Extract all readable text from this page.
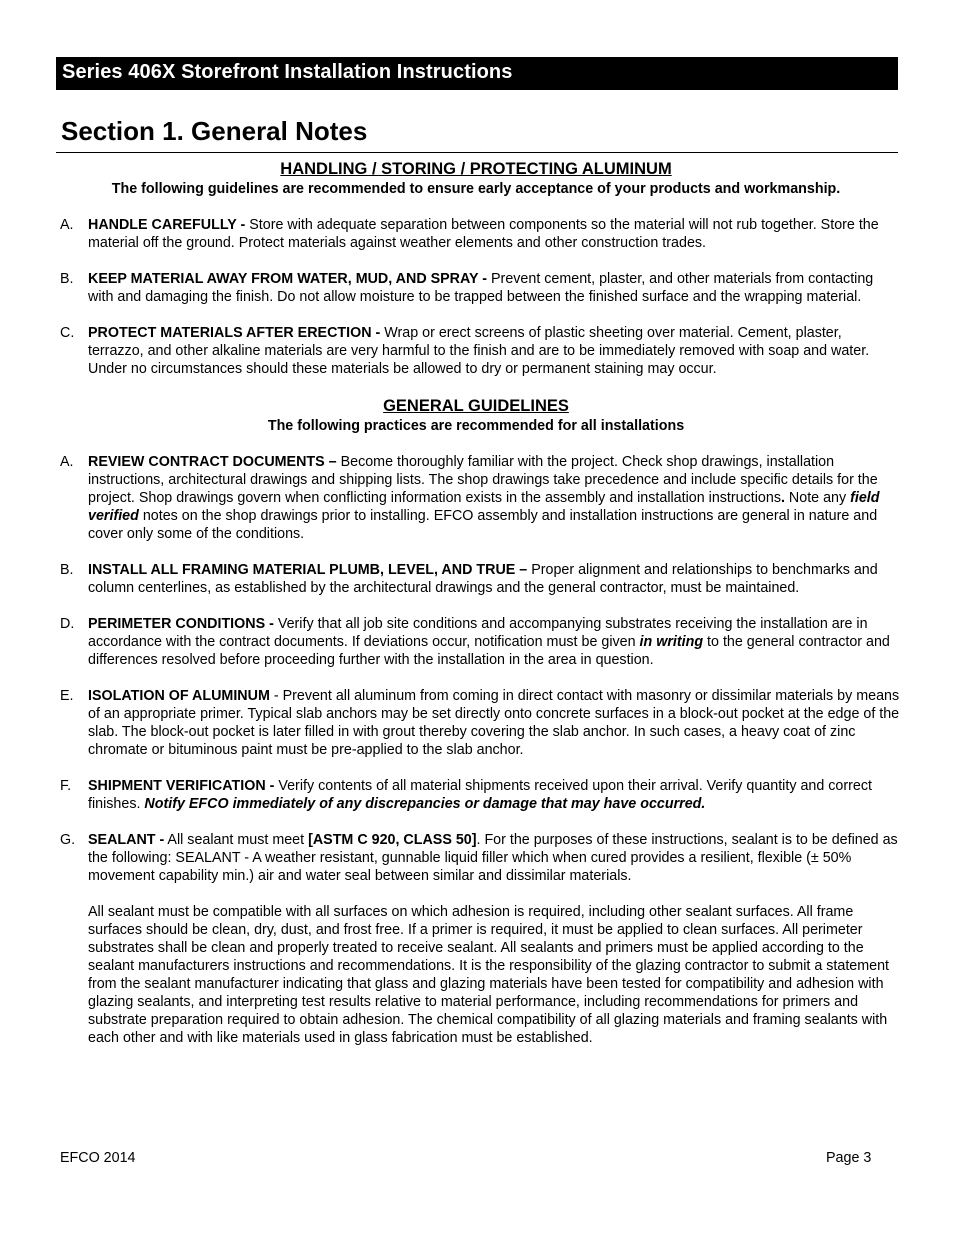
Series 406X Storefront Installation Instructions
Section 1. General Notes
HANDLING / STORING / PROTECTING ALUMINUM
The following guidelines are recommended to ensure early acceptance of your products and workmanship.
A.	HANDLE CAREFULLY - Store with adequate separation between components so the material will not rub together. Store the material off the ground. Protect materials against weather elements and other construction trades.

B.	KEEP MATERIAL AWAY FROM WATER, MUD, AND SPRAY - Prevent cement, plaster, and other materials from contacting with and damaging the finish. Do not allow moisture to be trapped between the finished surface and the wrapping material.

C. PROTECT MATERIALS AFTER ERECTION - Wrap or erect screens of plastic sheeting over material. Cement, plaster, terrazzo, and other alkaline materials are very harmful to the finish and are to be immediately removed with soap and water. Under no circumstances should these materials be allowed to dry or permanent staining may occur.

GENERAL GUIDELINES
The following practices are recommended for all installations
A.	REVIEW CONTRACT DOCUMENTS – Become thoroughly familiar with the project. Check shop drawings, installation instructions, architectural drawings and shipping lists. The shop drawings take precedence and include specific details for the project. Shop drawings govern when conflicting information exists in the assembly and installation instructions. Note any field verified notes on the shop drawings prior to installing. EFCO assembly and installation instructions are general in nature and cover only some of the conditions.

B.	INSTALL ALL FRAMING MATERIAL PLUMB, LEVEL, AND TRUE – Proper alignment and relationships to benchmarks and column centerlines, as established by the architectural drawings and the general contractor, must be maintained.

D. PERIMETER CONDITIONS - Verify that all job site conditions and accompanying substrates receiving the installation are in accordance with the contract documents. If deviations occur, notification must be given in writing to the general contractor and differences resolved before proceeding further with the installation in the area in question.

E.	ISOLATION OF ALUMINUM - Prevent all aluminum from coming in direct contact with masonry or dissimilar materials by means of an appropriate primer. Typical slab anchors may be set directly onto concrete surfaces in a block-out pocket at the edge of the slab. The block-out pocket is later filled in with grout thereby covering the slab anchor. In such cases, a heavy coat of zinc chromate or bituminous paint must be pre-applied to the slab anchor.

F.	SHIPMENT VERIFICATION - Verify contents of all material shipments received upon their arrival. Verify quantity and correct finishes. Notify EFCO immediately of any discrepancies or damage that may have occurred.

G. SEALANT - All sealant must meet [ASTM C 920, CLASS 50]. For the purposes of these instructions, sealant is to be defined as the following: SEALANT - A weather resistant, gunnable liquid filler which when cured provides a resilient, flexible (± 50% movement capability min.) air and water seal between similar and dissimilar materials.

All sealant must be compatible with all surfaces on which adhesion is required, including other sealant surfaces. All frame surfaces should be clean, dry, dust, and frost free. If a primer is required, it must be applied to clean surfaces. All perimeter substrates shall be clean and properly treated to receive sealant. All sealants and primers must be applied according to the sealant manufacturers instructions and recommendations. It is the responsibility of the glazing contractor to submit a statement from the sealant manufacturer indicating that glass and glazing materials have been tested for compatibility and adhesion with glazing sealants, and interpreting test results relative to material performance, including recommendations for primers and substrate preparation required to obtain adhesion. The chemical compatibility of all glazing materials and framing sealants with each other and with like materials used in glass fabrication must be established.

EFCO 2014	Page 3
